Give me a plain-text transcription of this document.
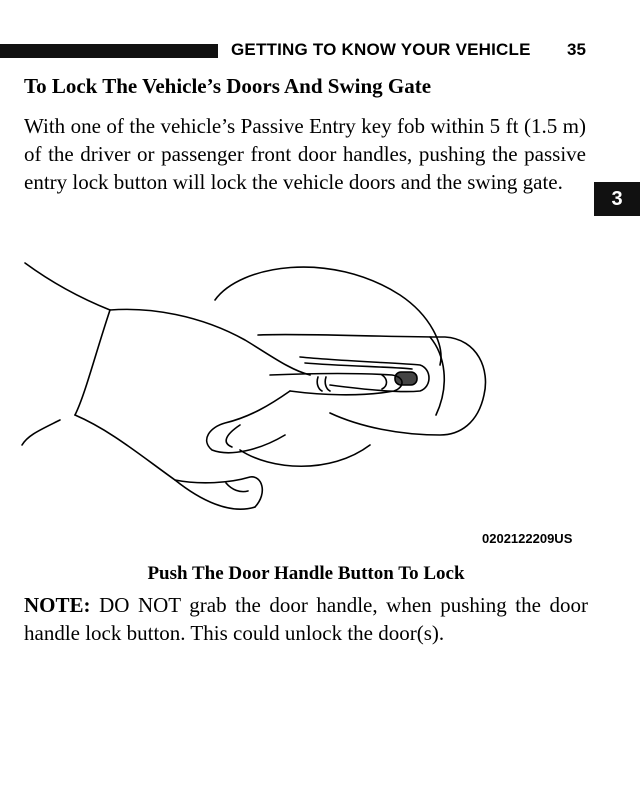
GETTING TO KNOW YOUR VEHICLE 35
To Lock The Vehicle’s Doors And Swing Gate

With one of the vehicle’s Passive Entry key fob within 5 ft (1.5 m) of the driver or passenger front door handles, pushing the passive entry lock button will lock the vehicle doors and the swing gate.

3
0202122209US
Push The Door Handle Button To Lock

NOTE: DO NOT grab the door handle, when pushing the door handle lock button. This could unlock the door(s).
